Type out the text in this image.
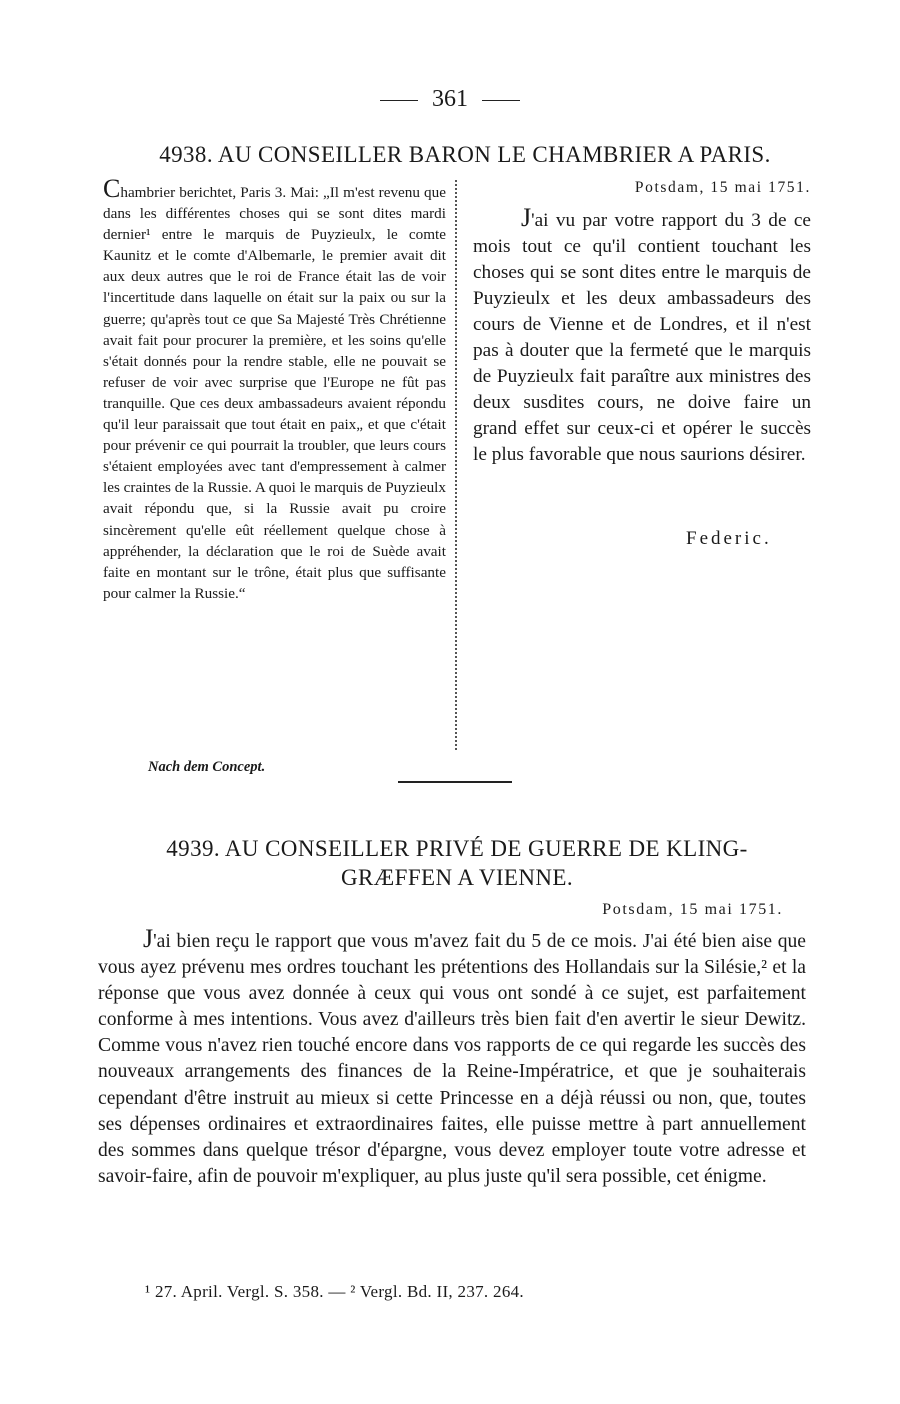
361
4938. AU CONSEILLER BARON LE CHAMBRIER A PARIS.

Chambrier berichtet, Paris 3. Mai: „Il m'est revenu que dans les différentes choses qui se sont dites mardi dernier¹ entre le marquis de Puyzieulx, le comte Kaunitz et le comte d'Albemarle, le premier avait dit aux deux autres que le roi de France était las de voir l'incertitude dans laquelle on était sur la paix ou sur la guerre; qu'après tout ce que Sa Majesté Très Chrétienne avait fait pour procurer la première, et les soins qu'elle s'était donnés pour la rendre stable, elle ne pouvait se refuser de voir avec surprise que l'Europe ne fût pas tranquille. Que ces deux ambassadeurs avaient répondu qu'il leur paraissait que tout était en paix„ et que c'était pour prévenir ce qui pourrait la troubler, que leurs cours s'étaient employées avec tant d'empressement à calmer les craintes de la Russie. A quoi le marquis de Puyzieulx avait répondu que, si la Russie avait pu croire sincèrement qu'elle eût réellement quelque chose à appréhender, la déclaration que le roi de Suède avait faite en montant sur le trône, était plus que suffisante pour calmer la Russie.“

Potsdam, 15 mai 1751.

J'ai vu par votre rapport du 3 de ce mois tout ce qu'il contient touchant les choses qui se sont dites entre le marquis de Puyzieulx et les deux ambassadeurs des cours de Vienne et de Londres, et il n'est pas à douter que la fermeté que le marquis de Puyzieulx fait paraître aux ministres des deux susdites cours, ne doive faire un grand effet sur ceux-ci et opérer le succès le plus favorable que nous saurions désirer.

Federic.
Nach dem Concept.
4939. AU CONSEILLER PRIVÉ DE GUERRE DE KLING-
GRÆFFEN A VIENNE.
Potsdam, 15 mai 1751.

J'ai bien reçu le rapport que vous m'avez fait du 5 de ce mois. J'ai été bien aise que vous ayez prévenu mes ordres touchant les prétentions des Hollandais sur la Silésie,² et la réponse que vous avez donnée à ceux qui vous ont sondé à ce sujet, est parfaitement conforme à mes intentions. Vous avez d'ailleurs très bien fait d'en avertir le sieur Dewitz. Comme vous n'avez rien touché encore dans vos rapports de ce qui regarde les succès des nouveaux arrangements des finances de la Reine-Impératrice, et que je souhaiterais cependant d'être instruit au mieux si cette Princesse en a déjà réussi ou non, que, toutes ses dépenses ordinaires et extraordinaires faites, elle puisse mettre à part annuellement des sommes dans quelque trésor d'épargne, vous devez employer toute votre adresse et savoir-faire, afin de pouvoir m'expliquer, au plus juste qu'il sera possible, cet énigme.

¹ 27. April. Vergl. S. 358. — ² Vergl. Bd. II, 237. 264.
